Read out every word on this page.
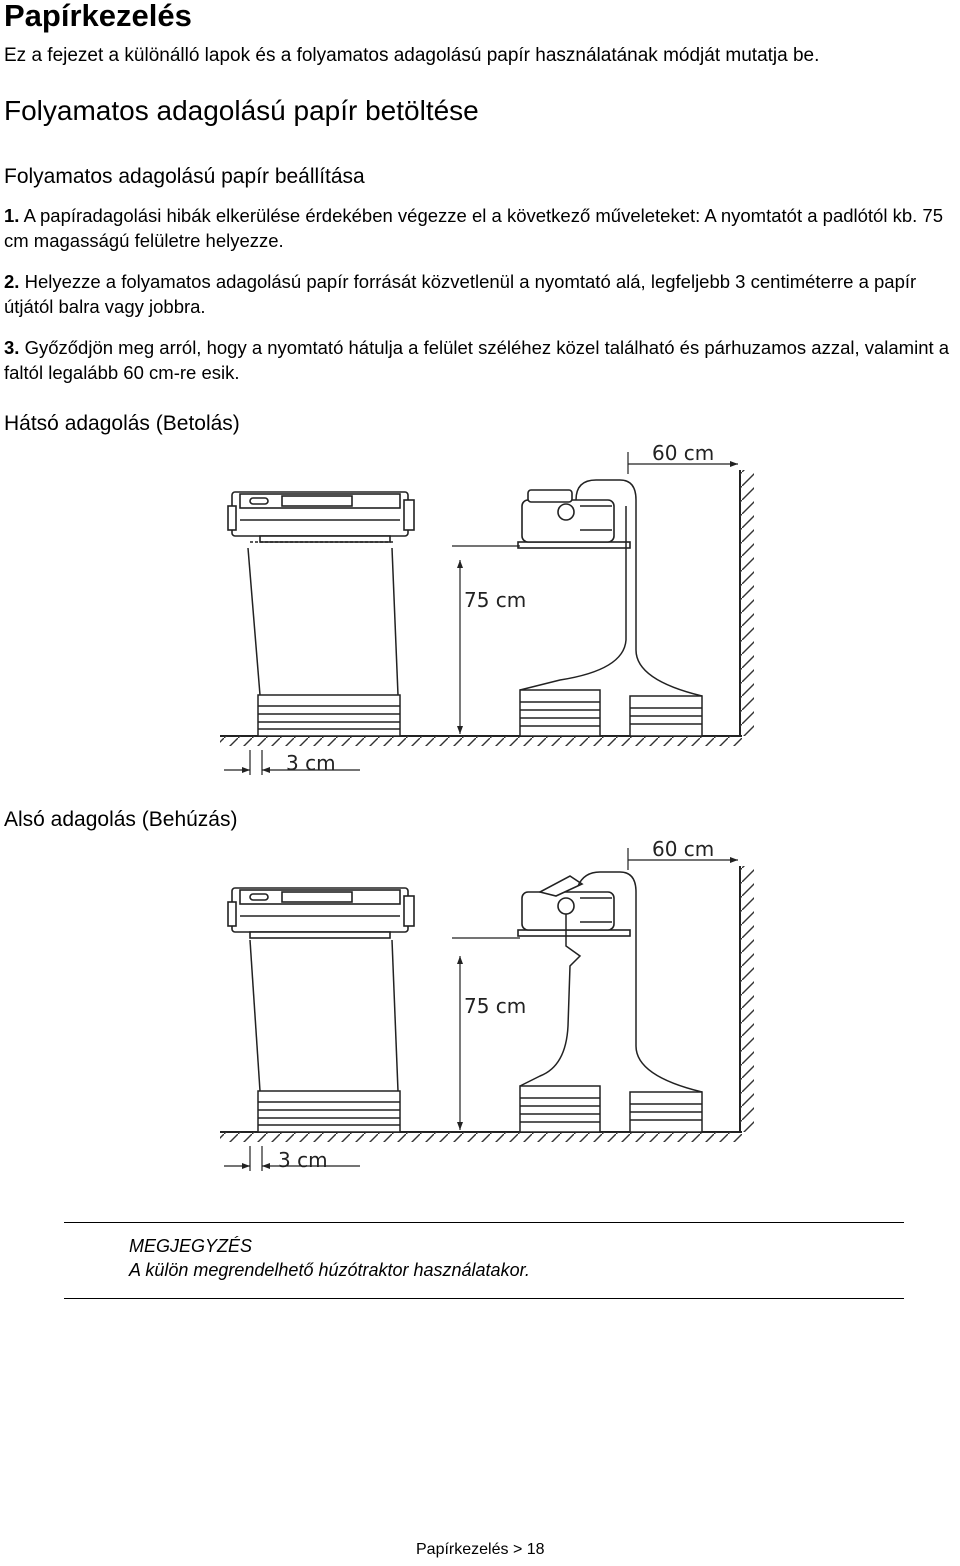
Papírkezelés

Ez a fejezet a különálló lapok és a folyamatos adagolású papír használatának módját mutatja be.

Folyamatos adagolású papír betöltése
Folyamatos adagolású papír beállítása
1. A papíradagolási hibák elkerülése érdekében végezze el a következő műveleteket: A nyomtatót a padlótól kb. 75 cm magasságú felületre helyezze.
2. Helyezze a folyamatos adagolású papír forrását közvetlenül a nyomtató alá, legfeljebb 3 centiméterre a papír útjától balra vagy jobbra.
3. Győződjön meg arról, hogy a nyomtató hátulja a felület széléhez közel található és párhuzamos azzal, valamint a faltól legalább 60 cm-re esik.
Hátsó adagolás (Betolás)
3 cm
60 cm
75 cm
Alsó adagolás (Behúzás)
3 cm
60 cm
75 cm
MEGJEGYZÉS
A külön megrendelhető húzótraktor használatakor.
Papírkezelés > 18
